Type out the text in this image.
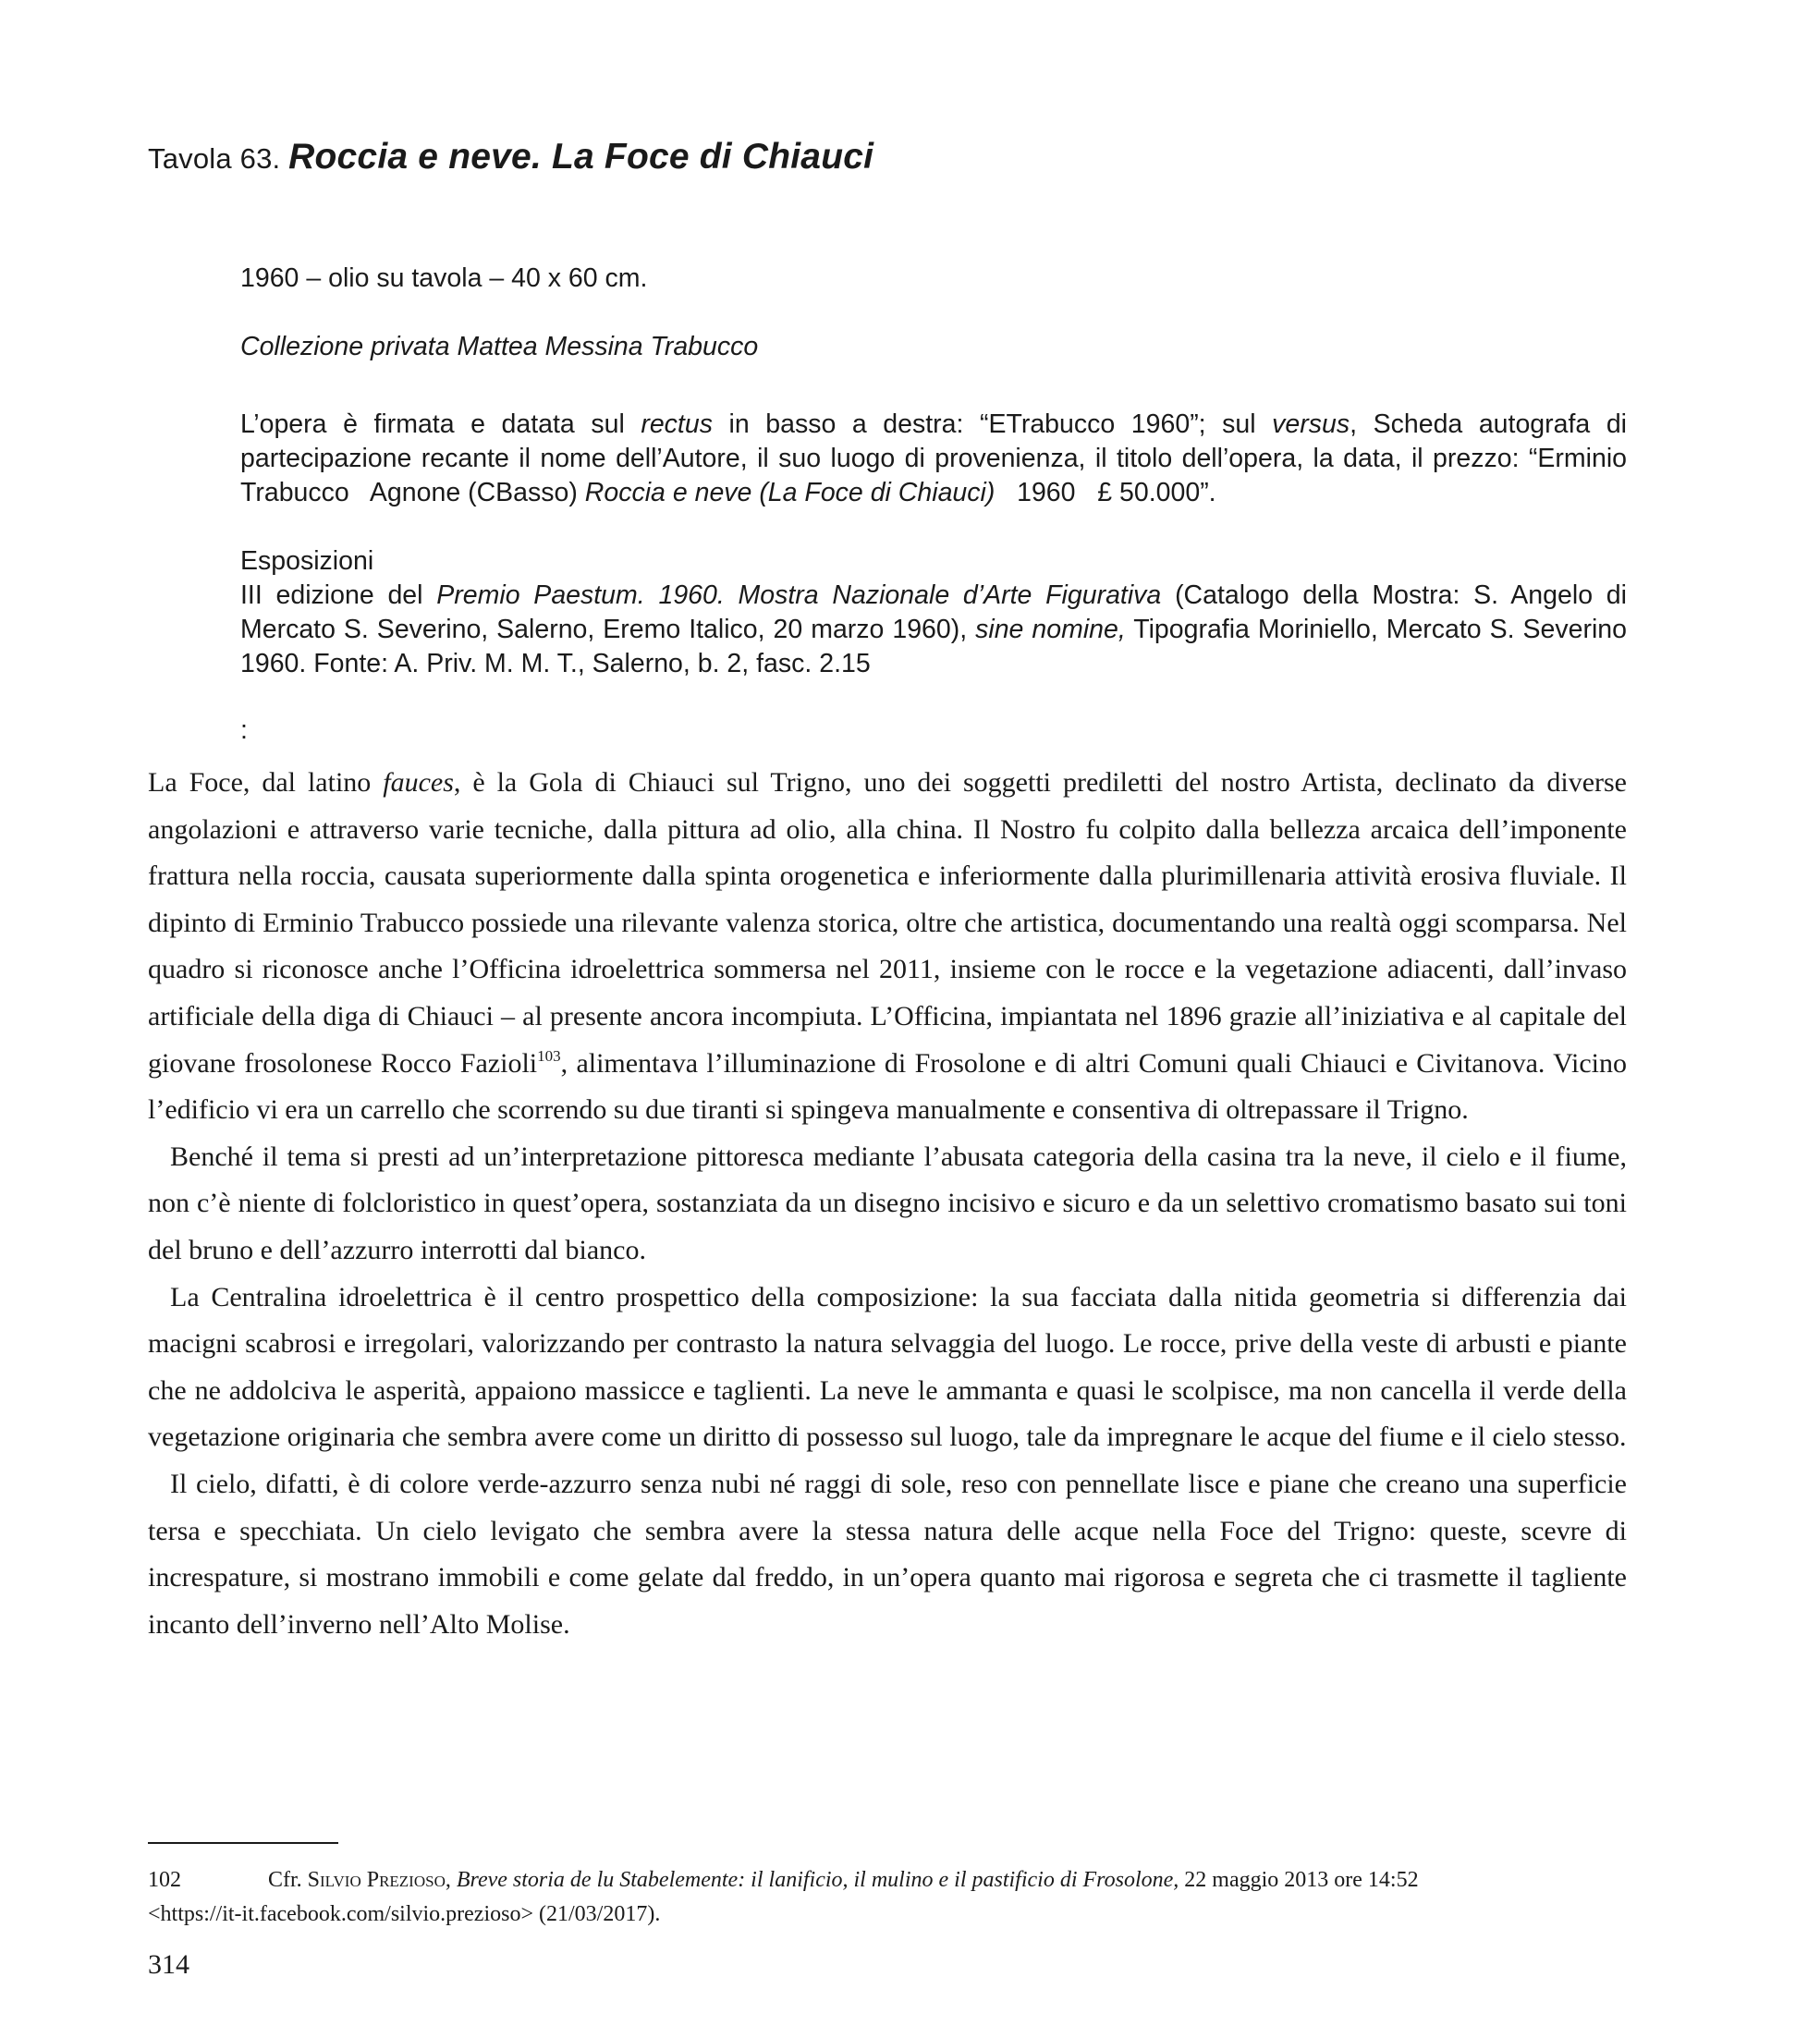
Tavola 63. Roccia e neve. La Foce di Chiauci
1960 – olio su tavola – 40 x 60 cm.
Collezione privata Mattea Messina Trabucco
L’opera è firmata e datata sul rectus in basso a destra: “ETrabucco 1960”; sul versus, Scheda autografa di partecipazione recante il nome dell’Autore, il suo luogo di provenienza, il titolo dell’opera, la data, il prezzo: “Erminio Trabucco   Agnone (CBasso) Roccia e neve (La Foce di Chiauci)   1960   £ 50.000”.
Esposizioni
III edizione del Premio Paestum. 1960. Mostra Nazionale d’Arte Figurativa (Catalogo della Mostra: S. Angelo di Mercato S. Severino, Salerno, Eremo Italico, 20 marzo 1960), sine nomine, Tipografia Moriniello, Mercato S. Severino 1960. Fonte: A. Priv. M. M. T., Salerno, b. 2, fasc. 2.15
:

La Foce, dal latino fauces, è la Gola di Chiauci sul Trigno, uno dei soggetti prediletti del nostro Artista, declinato da diverse angolazioni e attraverso varie tecniche, dalla pittura ad olio, alla china. Il Nostro fu colpito dalla bellezza arcaica dell’imponente frattura nella roccia, causata superiormente dalla spinta orogenetica e inferiormente dalla plurimillenaria attività erosiva fluviale. Il dipinto di Erminio Trabucco possiede una rilevante valenza storica, oltre che artistica, documentando una realtà oggi scomparsa. Nel quadro si riconosce anche l’Officina idroelettrica sommersa nel 2011, insieme con le rocce e la vegetazione adiacenti, dall’invaso artificiale della diga di Chiauci – al presente ancora incompiuta. L’Officina, impiantata nel 1896 grazie all’iniziativa e al capitale del giovane frosolonese Rocco Fazioli$^{103}$, alimentava l’illuminazione di Frosolone e di altri Comuni quali Chiauci e Civitanova. Vicino l’edificio vi era un carrello che scorrendo su due tiranti si spingeva manualmente e consentiva di oltrepassare il Trigno.

Benché il tema si presti ad un’interpretazione pittoresca mediante l’abusata categoria della casina tra la neve, il cielo e il fiume, non c’è niente di folcloristico in quest’opera, sostanziata da un disegno incisivo e sicuro e da un selettivo cromatismo basato sui toni del bruno e dell’azzurro interrotti dal bianco.

La Centralina idroelettrica è il centro prospettico della composizione: la sua facciata dalla nitida geometria si differenzia dai macigni scabrosi e irregolari, valorizzando per contrasto la natura selvaggia del luogo. Le rocce, prive della veste di arbusti e piante che ne addolciva le asperità, appaiono massicce e taglienti. La neve le ammanta e quasi le scolpisce, ma non cancella il verde della vegetazione originaria che sembra avere come un diritto di possesso sul luogo, tale da impregnare le acque del fiume e il cielo stesso.

Il cielo, difatti, è di colore verde-azzurro senza nubi né raggi di sole, reso con pennellate lisce e piane che creano una superficie tersa e specchiata. Un cielo levigato che sembra avere la stessa natura delle acque nella Foce del Trigno: queste, scevre di increspature, si mostrano immobili e come gelate dal freddo, in un’opera quanto mai rigorosa e segreta che ci trasmette il tagliente incanto dell’inverno nell’Alto Molise.

102	Cfr. Silvio Prezioso, Breve storia de lu Stabelemente: il lanificio, il mulino e il pastificio di Frosolone, 22 maggio 2013 ore 14:52
<https://it-it.facebook.com/silvio.prezioso> (21/03/2017).
314
